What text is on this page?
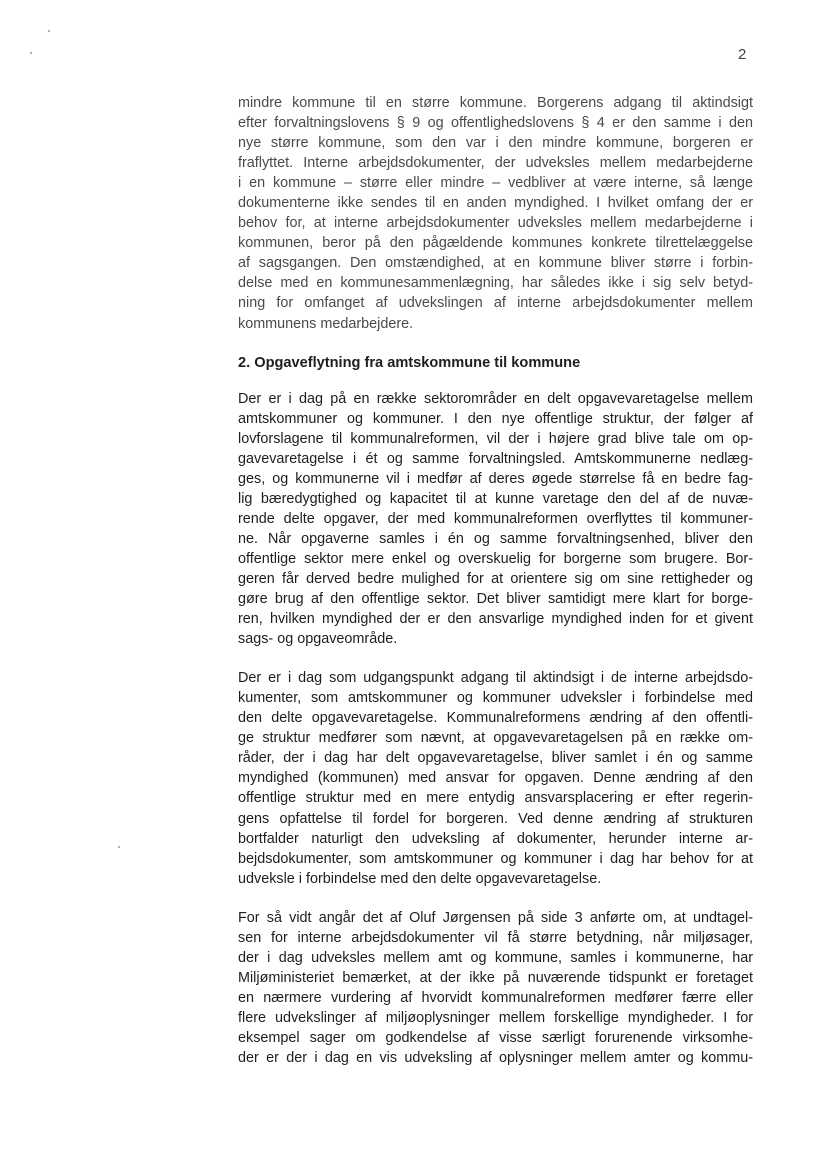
2
mindre kommune til en større kommune. Borgerens adgang til aktindsigt
efter forvaltningslovens § 9 og offentlighedslovens § 4 er den samme i den
nye større kommune, som den var i den mindre kommune, borgeren er
fraflyttet. Interne arbejdsdokumenter, der udveksles mellem medarbejderne
i en kommune – større eller mindre – vedbliver at være interne, så længe
dokumenterne ikke sendes til en anden myndighed. I hvilket omfang der er
behov for, at interne arbejdsdokumenter udveksles mellem medarbejderne i
kommunen, beror på den pågældende kommunes konkrete tilrettelæggelse
af sagsgangen. Den omstændighed, at en kommune bliver større i forbin-
delse med en kommunesammenlægning, har således ikke i sig selv betyd-
ning for omfanget af udvekslingen af interne arbejdsdokumenter mellem
kommunens medarbejdere.
2. Opgaveflytning fra amtskommune til kommune
Der er i dag på en række sektorområder en delt opgavevaretagelse mellem
amtskommuner og kommuner. I den nye offentlige struktur, der følger af
lovforslagene til kommunalreformen, vil der i højere grad blive tale om op-
gavevaretagelse i ét og samme forvaltningsled. Amtskommunerne nedlæg-
ges, og kommunerne vil i medfør af deres øgede størrelse få en bedre fag-
lig bæredygtighed og kapacitet til at kunne varetage den del af de nuvæ-
rende delte opgaver, der med kommunalreformen overflyttes til kommuner-
ne. Når opgaverne samles i én og samme forvaltningsenhed, bliver den
offentlige sektor mere enkel og overskuelig for borgerne som brugere. Bor-
geren får derved bedre mulighed for at orientere sig om sine rettigheder og
gøre brug af den offentlige sektor. Det bliver samtidigt mere klart for borge-
ren, hvilken myndighed der er den ansvarlige myndighed inden for et givent
sags- og opgaveområde.
Der er i dag som udgangspunkt adgang til aktindsigt i de interne arbejdsdo-
kumenter, som amtskommuner og kommuner udveksler i forbindelse med
den delte opgavevaretagelse. Kommunalreformens ændring af den offentli-
ge struktur medfører som nævnt, at opgavevaretagelsen på en række om-
råder, der i dag har delt opgavevaretagelse, bliver samlet i én og samme
myndighed (kommunen) med ansvar for opgaven. Denne ændring af den
offentlige struktur med en mere entydig ansvarsplacering er efter regerin-
gens opfattelse til fordel for borgeren. Ved denne ændring af strukturen
bortfalder naturligt den udveksling af dokumenter, herunder interne ar-
bejdsdokumenter, som amtskommuner og kommuner i dag har behov for at
udveksle i forbindelse med den delte opgavevaretagelse.
For så vidt angår det af Oluf Jørgensen på side 3 anførte om, at undtagel-
sen for interne arbejdsdokumenter vil få større betydning, når miljøsager,
der i dag udveksles mellem amt og kommune, samles i kommunerne, har
Miljøministeriet bemærket, at der ikke på nuværende tidspunkt er foretaget
en nærmere vurdering af hvorvidt kommunalreformen medfører færre eller
flere udvekslinger af miljøoplysninger mellem forskellige myndigheder. I for
eksempel sager om godkendelse af visse særligt forurenende virksomhe-
der er der i dag en vis udveksling af oplysninger mellem amter og kommu-
